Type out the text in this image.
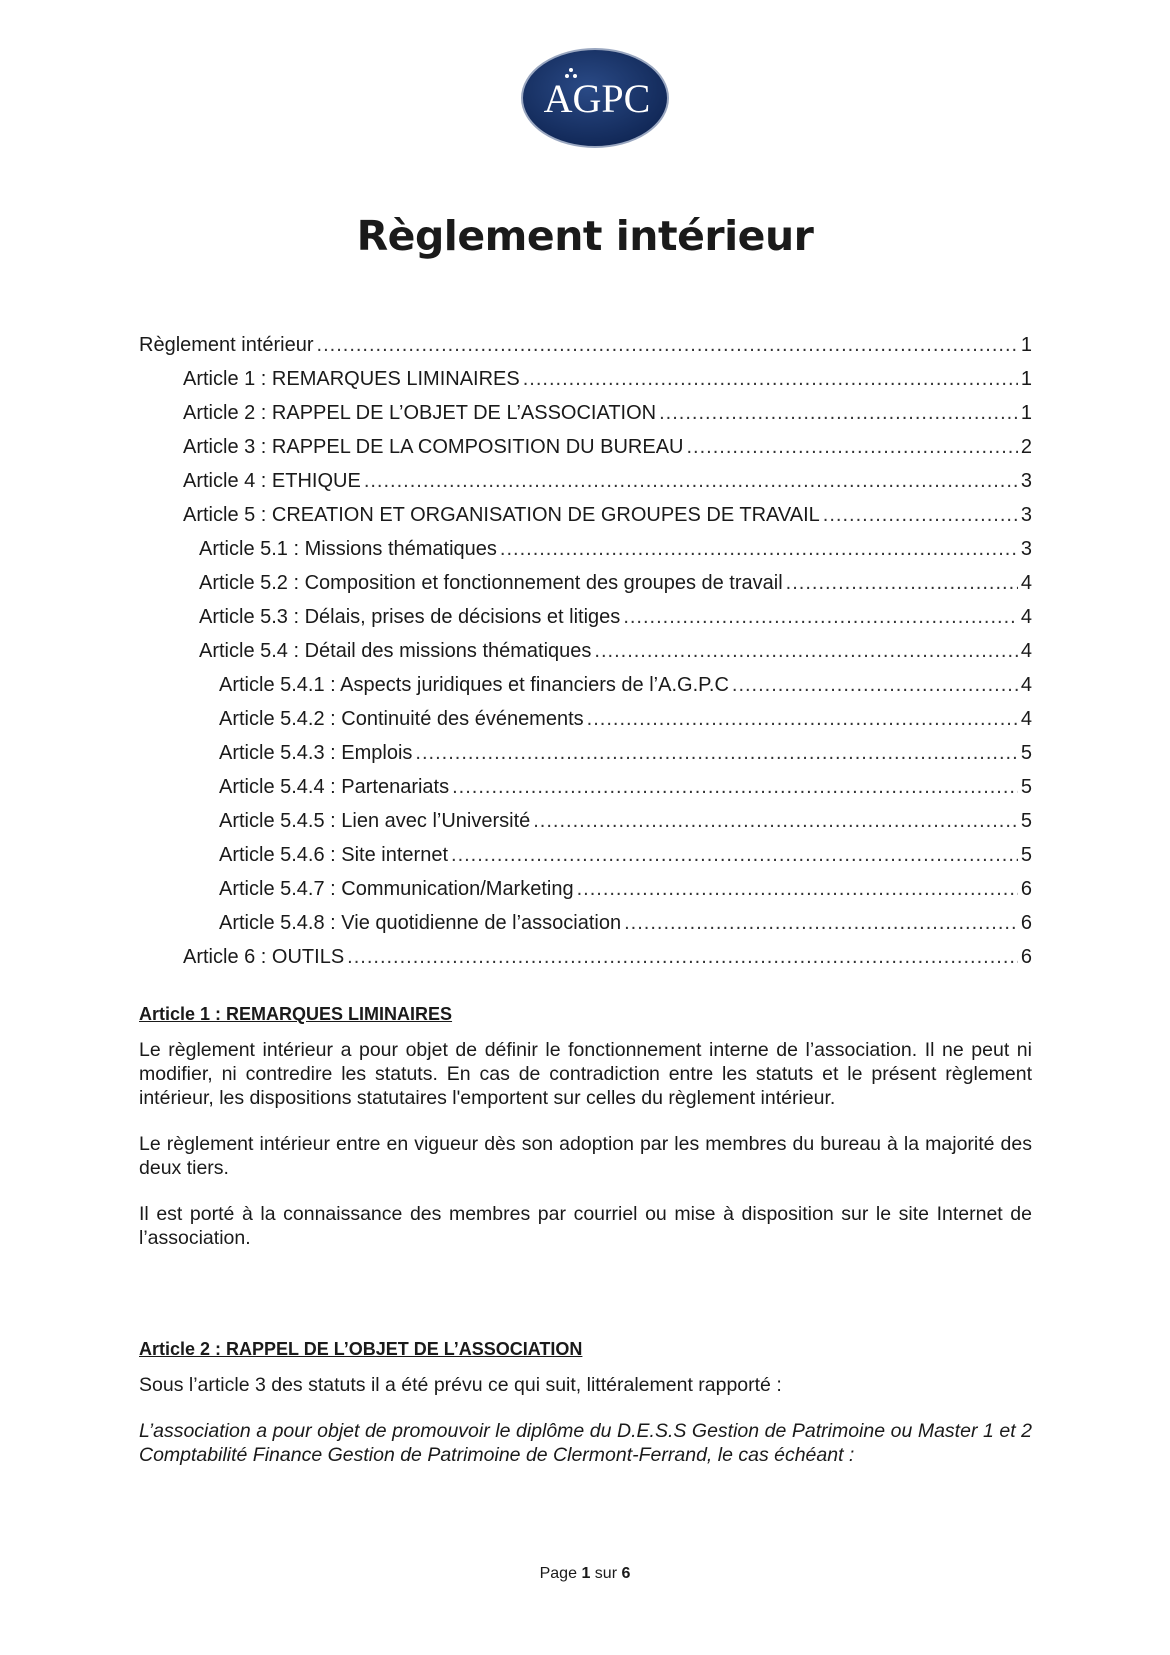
AGPC
Règlement intérieur
Règlement intérieur .....	1
Article 1 : REMARQUES LIMINAIRES .....	1
Article 2 : RAPPEL DE L’OBJET DE L’ASSOCIATION .....	1
Article 3 : RAPPEL DE LA COMPOSITION DU BUREAU .....	2
Article 4 : ETHIQUE .....	3
Article 5 : CREATION ET ORGANISATION DE GROUPES DE TRAVAIL .....	3
Article 5.1 : Missions thématiques .....	3
Article 5.2 : Composition et fonctionnement des groupes de travail .....	4
Article 5.3 : Délais, prises de décisions et litiges .....	4
Article 5.4 : Détail des missions thématiques .....	4
Article 5.4.1 : Aspects juridiques et financiers de l’A.G.P.C .....	4
Article 5.4.2 : Continuité des événements .....	4
Article 5.4.3 : Emplois .....	5
Article 5.4.4 : Partenariats .....	5
Article 5.4.5 : Lien avec l’Université .....	5
Article 5.4.6 : Site internet .....	5
Article 5.4.7 : Communication/Marketing .....	6
Article 5.4.8 : Vie quotidienne de l’association .....	6
Article 6 : OUTILS .....	6
Article 1 : REMARQUES LIMINAIRES

Le règlement intérieur a pour objet de définir le fonctionnement interne de l’association. Il ne peut ni modifier, ni contredire les statuts. En cas de contradiction entre les statuts et le présent règlement intérieur, les dispositions statutaires l'emportent sur celles du règlement intérieur.

Le règlement intérieur entre en vigueur dès son adoption par les membres du bureau à la majorité des deux tiers.

Il est porté à la connaissance des membres par courriel ou mise à disposition sur le site Internet de l’association.

Article 2 : RAPPEL DE L’OBJET DE L’ASSOCIATION

Sous l’article 3 des statuts il a été prévu ce qui suit, littéralement rapporté :

L’association a pour objet de promouvoir le diplôme du D.E.S.S Gestion de Patrimoine ou Master 1 et 2 Comptabilité Finance Gestion de Patrimoine de Clermont-Ferrand, le cas échéant :

Page 1 sur 6
